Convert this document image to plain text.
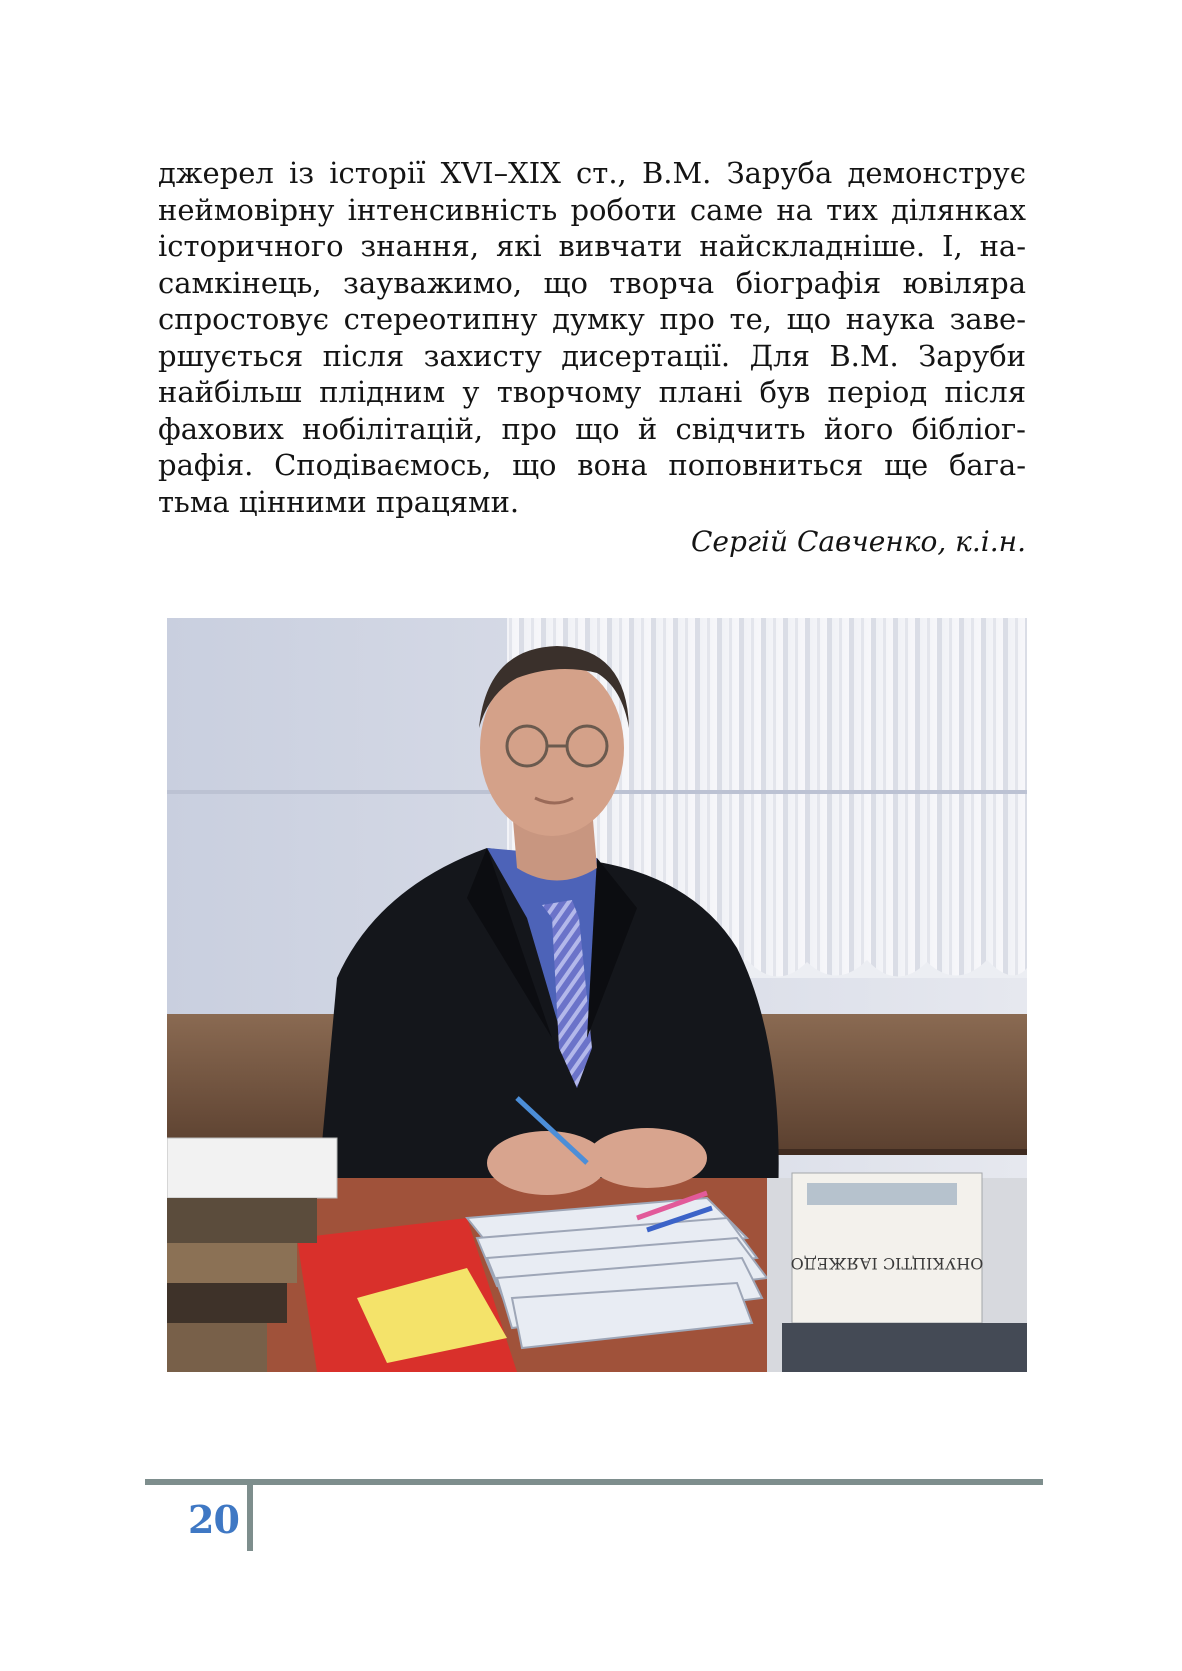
джерел із історії XVI–XIX ст., В.М. Заруба демонструє
неймовірну інтенсивність роботи саме на тих ділянках
історичного знання, які вивчати найскладніше. І, на-
самкінець, зауважимо, що творча біографія ювіляра
спростовує стереотипну думку про те, що наука заве-
ршується після захисту дисертації. Для В.М. Заруби
найбільш плідним у творчому плані був період після
фахових нобілітацій, про що й свідчить його бібліог-
рафія. Сподіваємось, що вона поповниться ще бага-
тьма цінними працями.
Сергій Савченко, к.і.н.
ОНУКІЦТІС ІАЯЖЕДО
20
